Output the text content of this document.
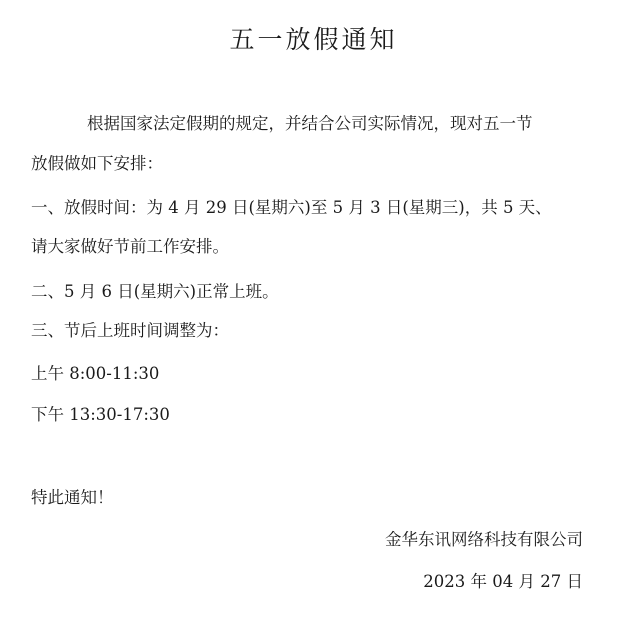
五一放假通知
根据国家法定假期的规定，并结合公司实际情况，现对五一节
放假做如下安排：
一、放假时间：为 4 月 29 日(星期六)至 5 月 3 日(星期三)，共 5 天、
请大家做好节前工作安排。
二、5 月 6 日(星期六)正常上班。
三、节后上班时间调整为：
上午 8:00-11:30
下午 13:30-17:30
特此通知！
金华东讯网络科技有限公司
2023 年 04 月 27 日
